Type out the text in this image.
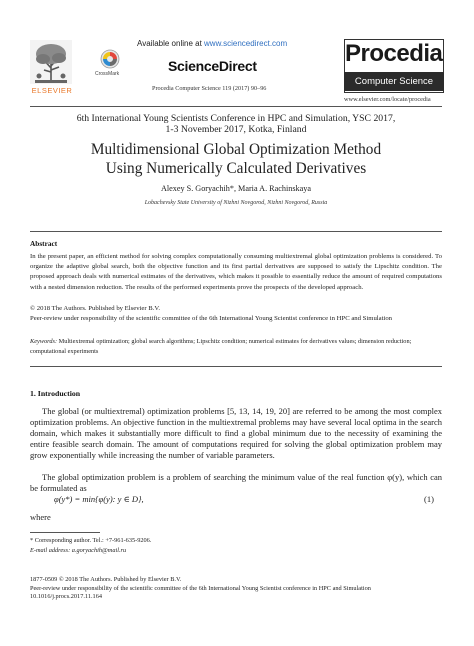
ELSEVIER
CrossMark
Available online at www.sciencedirect.com
ScienceDirect
Procedia Computer Science 119 (2017) 90–96
Procedia
Computer Science
www.elsevier.com/locate/procedia
6th International Young Scientists Conference in HPC and Simulation, YSC 2017,
1-3 November 2017, Kotka, Finland
Multidimensional Global Optimization Method
Using Numerically Calculated Derivatives
Alexey S. Goryachih*, Maria A. Rachinskaya
Lobachevsky State University of Nizhni Novgorod, Nizhni Novgorod, Russia
Abstract
In the present paper, an efficient method for solving complex computationally consuming multiextremal global optimization problems is considered. To organize the adaptive global search, both the objective function and its first partial derivatives are supposed to satisfy the Lipschitz condition. The proposed approach deals with numerical estimates of the derivatives, which makes it possible to essentially reduce the amount of required computations with a nested dimension reduction. The results of the performed experiments prove the prospects of the developed approach.
© 2018 The Authors. Published by Elsevier B.V.
Peer-review under responsibility of the scientific committee of the 6th International Young Scientist conference in HPC and Simulation
Keywords: Multiextremal optimization; global search algorithms; Lipschitz condition; numerical estimates for derivatives values; dimension reduction; computational experiments
1. Introduction
The global (or multiextremal) optimization problems [5, 13, 14, 19, 20] are referred to be among the most complex optimization problems. An objective function in the multiextremal problems may have several local optima in the search domain, which makes it substantially more difficult to find a global minimum due to the necessity of examining the entire feasible search domain. The amount of computations required for solving the global optimization problem may grow exponentially while increasing the number of variable parameters.
The global optimization problem is a problem of searching the minimum value of the real function φ(y), which can be formulated as
φ(y*) = min{φ(y): y ∈ D},	(1)
where
* Corresponding author. Tel.: +7-961-635-9206.
E-mail address: a.goryachih@mail.ru
1877-0509 © 2018 The Authors. Published by Elsevier B.V.
Peer-review under responsibility of the scientific committee of the 6th International Young Scientist conference in HPC and Simulation
10.1016/j.procs.2017.11.164
